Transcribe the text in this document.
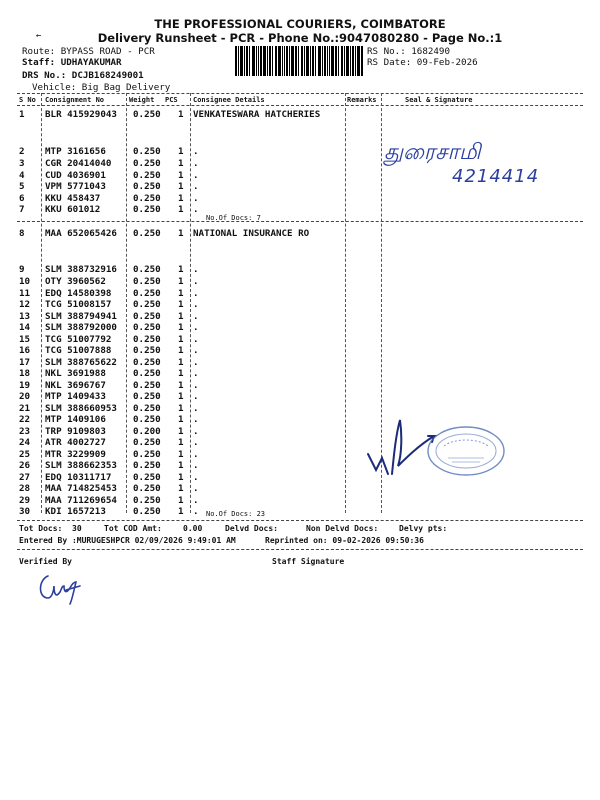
THE PROFESSIONAL COURIERS, COIMBATORE
Delivery Runsheet - PCR - Phone No.:9047080280 - Page No.:1
←
Route: BYPASS ROAD - PCR
Staff: UDHAYAKUMAR
DRS No.: DCJB168249001
Vehicle: Big Bag Delivery
RS No.: 1682490
RS Date: 09-Feb-2026
S No Consignment No	Weight PCS Consignee Details	Remarks	Seal & Signature
1 BLR 415929043 0.250 1 VENKATESWARA HATCHERIES
2 MTP 3161656	0.250 1 .
3 CGR 20414040 0.250 1 .
4 CUD 4036901	0.250 1 .
5 VPM 5771043	0.250 1 .
6 KKU 458437	0.250 1 .
7 KKU 601012	0.250 1 .
8 MAA 652065426 0.250 1 NATIONAL INSURANCE RO
9 SLM 388732916 0.250 1 .
10 OTY 3960562	0.250 1 .
11 EDQ 14580398 0.250 1 .
12 TCG 51008157 0.250 1 .
13 SLM 388794941 0.250 1 .
14 SLM 388792000 0.250 1 .
15 TCG 51007792 0.250 1 .
16 TCG 51007888 0.250 1 .
17 SLM 388765622 0.250 1 .
18 NKL 3691988	0.250 1 .
19 NKL 3696767	0.250 1 .
20 MTP 1409433	0.250 1 .
21 SLM 388660953 0.250 1 .
22 MTP 1409106	0.250 1 .
23 TRP 9109803	0.200 1 .
24 ATR 4002727	0.250 1 .
25 MTR 3229909	0.250 1 .
26 SLM 388662353 0.250 1 .
27 EDQ 10311717 0.250 1 .
28 MAA 714825453 0.250 1 .
29 MAA 711269654 0.250 1 .
30 KDI 1657213	0.250 1 .
No.Of Docs: 7
No.Of Docs: 23
Tot Docs: 30	Tot COD Amt:	0.00	Delvd Docs:	Non Delvd Docs:	Delvy pts:
Entered By :MURUGESHPCR 02/09/2026 9:49:01 AM	Reprinted on: 09-02-2026 09:50:36
Verified By	Staff Signature
துரைசாமி
4214414
